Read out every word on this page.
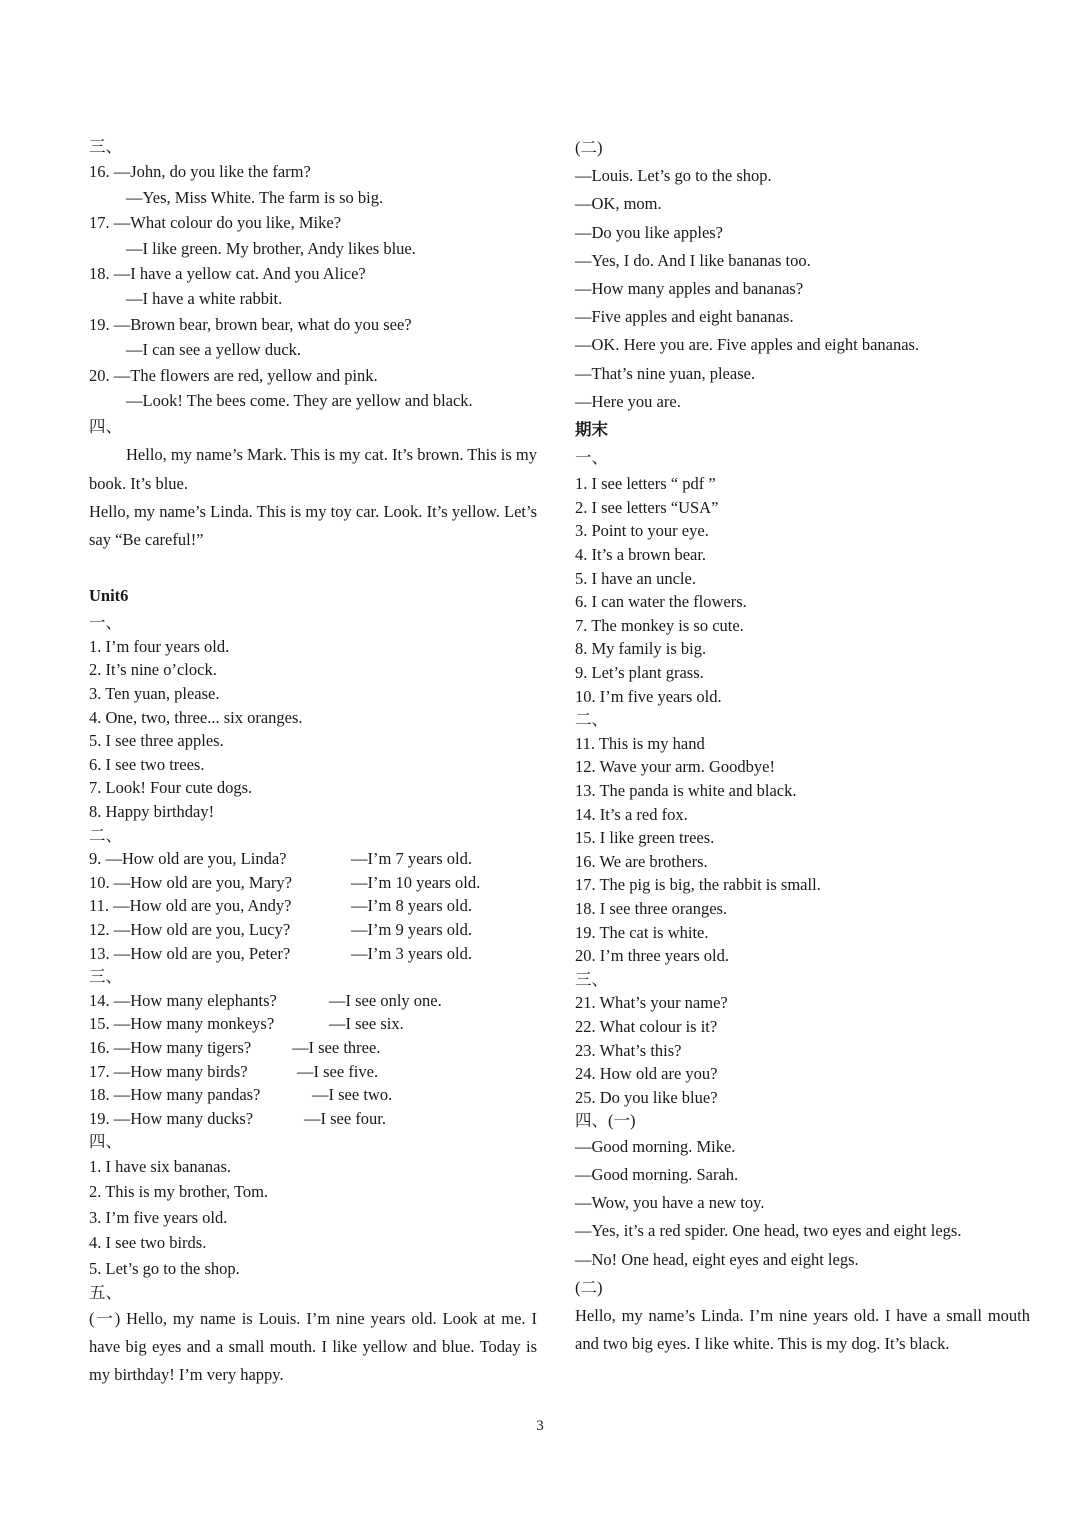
三、
16. —John, do you like the farm?
—Yes, Miss White. The farm is so big.
17. —What colour do you like, Mike?
—I like green. My brother, Andy likes blue.
18. —I have a yellow cat. And you Alice?
—I have a white rabbit.
19. —Brown bear, brown bear, what do you see?
—I can see a yellow duck.
20. —The flowers are red, yellow and pink.
—Look! The bees come. They are yellow and black.
四、
Hello, my name’s Mark. This is my cat. It’s brown. This is my book. It’s blue.
Hello, my name’s Linda. This is my toy car. Look. It’s yellow. Let’s say “Be careful!”
Unit6
一、
1. I’m four years old.
2. It’s nine o’clock.
3. Ten yuan, please.
4. One, two, three... six oranges.
5. I see three apples.
6. I see two trees.
7. Look! Four cute dogs.
8. Happy birthday!
二、
9. —How old are you, Linda?	—I’m 7 years old.
10. —How old are you, Mary?	—I’m 10 years old.
11. —How old are you, Andy?	—I’m 8 years old.
12. —How old are you, Lucy?	—I’m 9 years old.
13. —How old are you, Peter?	—I’m 3 years old.
三、
14. —How many elephants?	—I see only one.
15. —How many monkeys?	—I see six.
16. —How many tigers? —I see three.
17. —How many birds?	—I see five.
18. —How many pandas?	—I see two.
19. —How many ducks?	—I see four.
四、
1. I have six bananas.
2. This is my brother, Tom.
3. I’m five years old.
4. I see two birds.
5. Let’s go to the shop.
五、
(一) Hello, my name is Louis. I’m nine years old. Look at me. I have big eyes and a small mouth. I like yellow and blue. Today is my birthday! I’m very happy.
(二)
—Louis. Let’s go to the shop.
—OK, mom.
—Do you like apples?
—Yes, I do. And I like bananas too.
—How many apples and bananas?
—Five apples and eight bananas.
—OK. Here you are. Five apples and eight bananas.
—That’s nine yuan, please.
—Here you are.
期末
一、
1. I see letters “ pdf ”
2. I see letters “USA”
3. Point to your eye.
4. It’s a brown bear.
5. I have an uncle.
6. I can water the flowers.
7. The monkey is so cute.
8. My family is big.
9. Let’s plant grass.
10. I’m five years old.
二、
11. This is my hand
12. Wave your arm. Goodbye!
13. The panda is white and black.
14. It’s a red fox.
15. I like green trees.
16. We are brothers.
17. The pig is big, the rabbit is small.
18. I see three oranges.
19. The cat is white.
20. I’m three years old.
三、
21. What’s your name?
22. What colour is it?
23. What’s this?
24. How old are you?
25. Do you like blue?
四、(一)
—Good morning. Mike.
—Good morning. Sarah.
—Wow, you have a new toy.
—Yes, it’s a red spider. One head, two eyes and eight legs.
—No! One head, eight eyes and eight legs.
(二)
Hello, my name’s Linda. I’m nine years old. I have a small mouth and two big eyes. I like white. This is my dog. It’s black.
3
